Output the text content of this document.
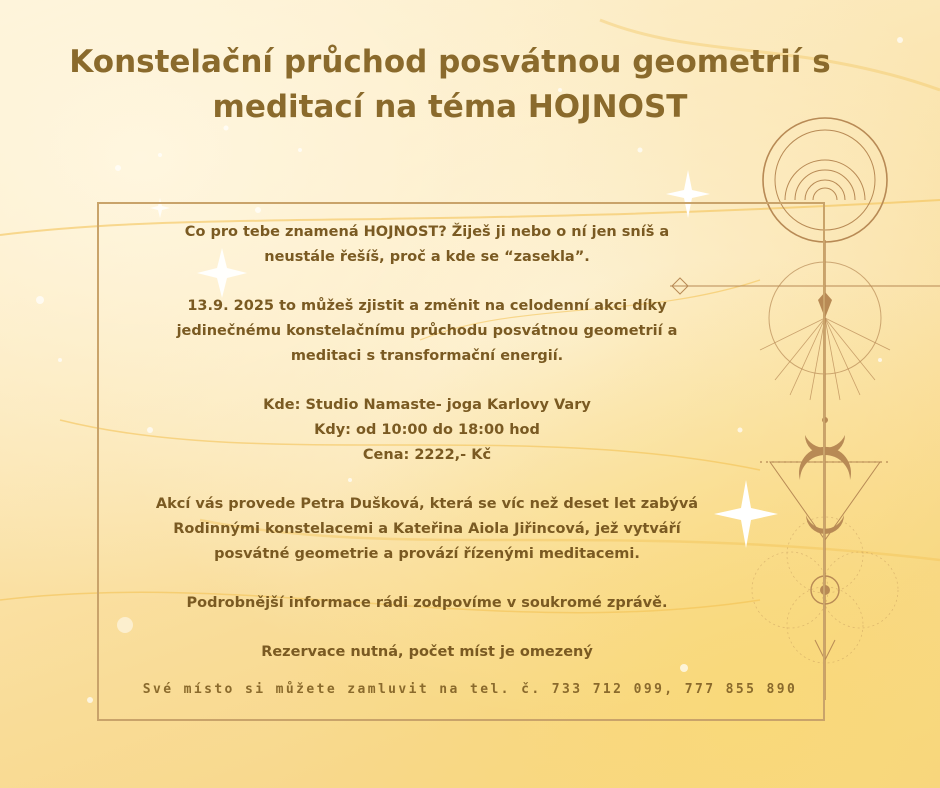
Konstelační průchod posvátnou geometrií s
meditací na téma HOJNOST

Co pro tebe znamená HOJNOST? Žiješ ji nebo o ní jen sníš a

neustále řešíš, proč a kde se “zasekla”.

13.9. 2025 to můžeš zjistit a změnit na celodenní akci díky

jedinečnému konstelačnímu průchodu posvátnou geometrií a

meditaci s transformační energií.

Kde: Studio Namaste- joga Karlovy Vary

Kdy: od 10:00 do 18:00 hod

Cena: 2222,- Kč

Akcí vás provede Petra Dušková, která se víc než deset let zabývá

Rodinnými konstelacemi a Kateřina Aiola Jiřincová, jež vytváří

posvátné geometrie a provází řízenými meditacemi.

Podrobnější informace rádi zodpovíme v soukromé zprávě.

Rezervace nutná, počet míst je omezený

Své místo si můžete zamluvit na tel. č. 733 712 099, 777 855 890
